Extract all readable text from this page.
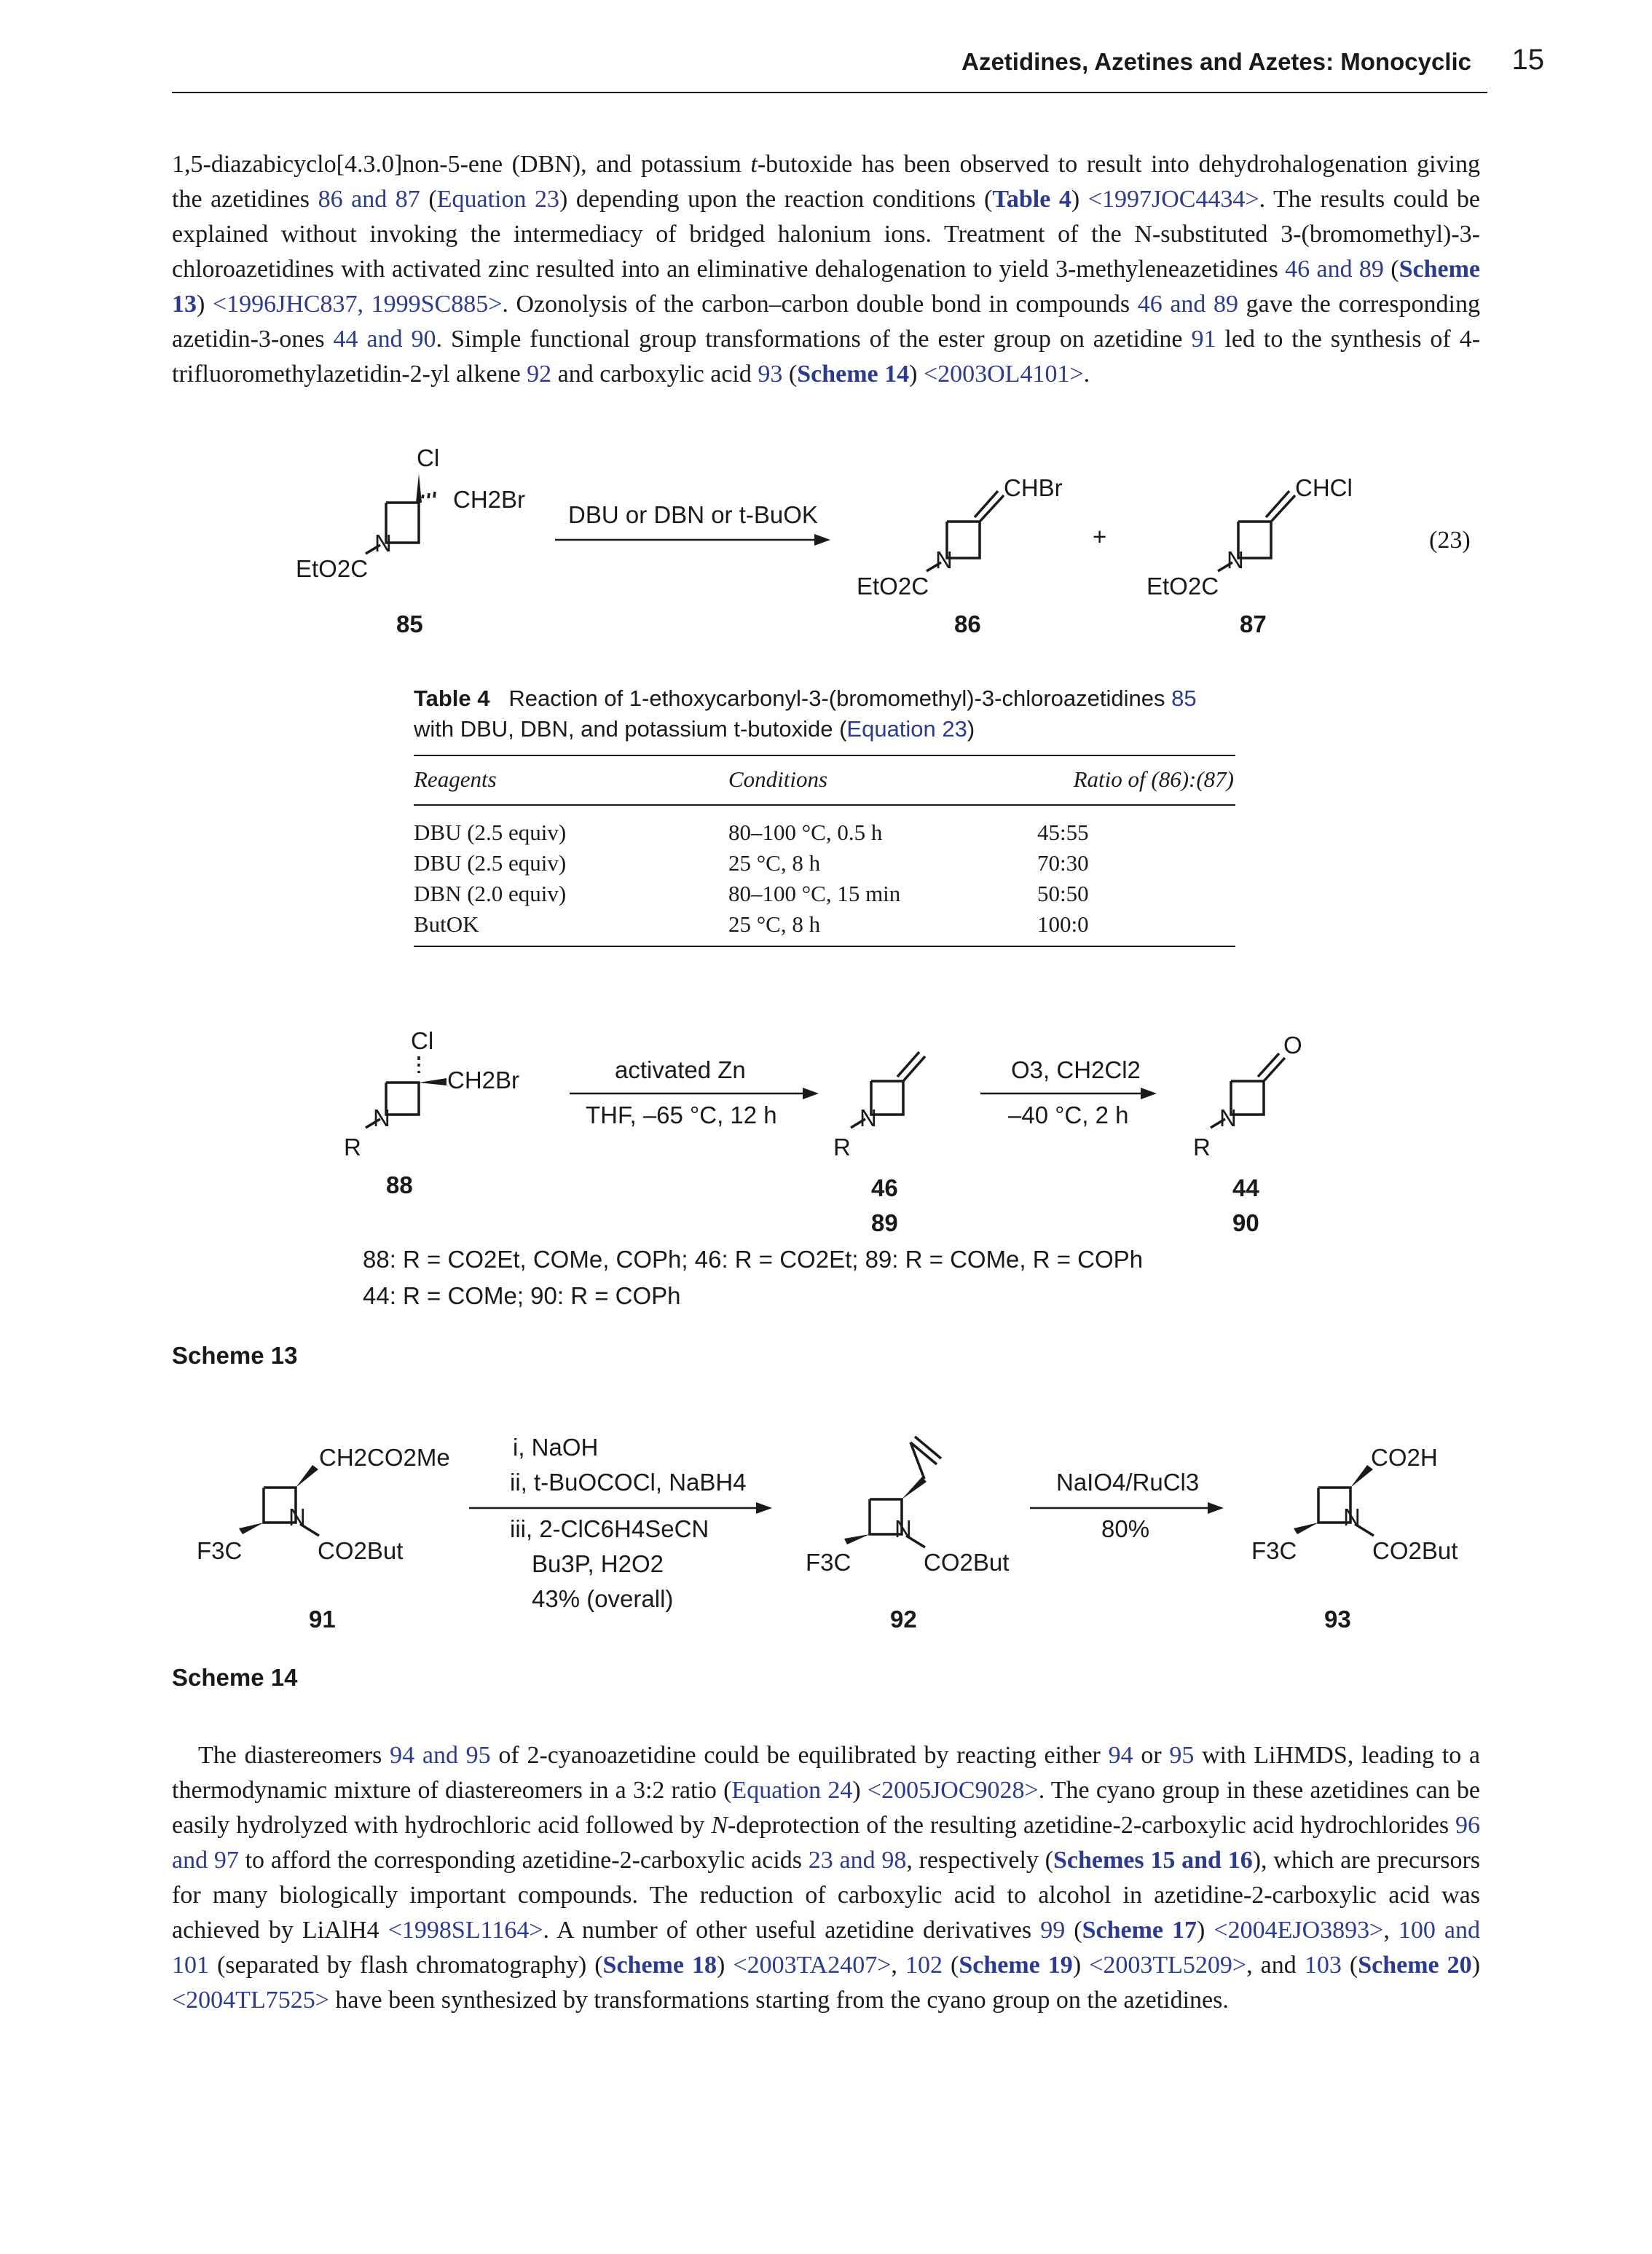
Azetidines, Azetines and Azetes: Monocyclic 15
1,5-diazabicyclo[4.3.0]non-5-ene (DBN), and potassium t-butoxide has been observed to result into dehydrohalogenation giving the azetidines 86 and 87 (Equation 23) depending upon the reaction conditions (Table 4) <1997JOC4434>. The results could be explained without invoking the intermediacy of bridged halonium ions. Treatment of the N-substituted 3-(bromomethyl)-3-chloroazetidines with activated zinc resulted into an eliminative dehalogenation to yield 3-methyleneazetidines 46 and 89 (Scheme 13) <1996JHC837, 1999SC885>. Ozonolysis of the carbon–carbon double bond in compounds 46 and 89 gave the corresponding azetidin-3-ones 44 and 90. Simple functional group transformations of the ester group on azetidine 91 led to the synthesis of 4-trifluoromethylazetidin-2-yl alkene 92 and carboxylic acid 93 (Scheme 14) <2003OL4101>.
Cl
CH2Br
N
EtO2C
85
DBU or DBN or t-BuOK
CHBr
N
EtO2C
86
+
CHCl
N
EtO2C
87
(23)
Table 4 Reaction of 1-ethoxycarbonyl-3-(bromomethyl)-3-chloroazetidines 85 with DBU, DBN, and potassium t-butoxide (Equation 23)
Reagents	Conditions	Ratio of (86):(87)
DBU (2.5 equiv)	80–100 °C, 0.5 h	45:55
DBU (2.5 equiv)	25 °C, 8 h	70:30
DBN (2.0 equiv)	80–100 °C, 15 min	50:50
ButOK	25 °C, 8 h	100:0
Cl
CH2Br
N
R
88
activated Zn
THF, –65 °C, 12 h	N
R
46
89
O3, CH2Cl2
–40 °C, 2 h
O
N
R
44
90
88: R = CO2Et, COMe, COPh; 46: R = CO2Et; 89: R = COMe, R = COPh
44: R = COMe; 90: R = COPh
Scheme 13
CH2CO2Me
N
F3C	CO2But
91
i, NaOH
ii, t-BuOCOCl, NaBH4
iii, 2-ClC6H4SeCN
Bu3P, H2O2
43% (overall)
N
F3C	CO2But
92
NaIO4/RuCl3
80%
CO2H
N
F3C	CO2But
93
Scheme 14
The diastereomers 94 and 95 of 2-cyanoazetidine could be equilibrated by reacting either 94 or 95 with LiHMDS, leading to a thermodynamic mixture of diastereomers in a 3:2 ratio (Equation 24) <2005JOC9028>. The cyano group in these azetidines can be easily hydrolyzed with hydrochloric acid followed by N-deprotection of the resulting azetidine-2-carboxylic acid hydrochlorides 96 and 97 to afford the corresponding azetidine-2-carboxylic acids 23 and 98, respectively (Schemes 15 and 16), which are precursors for many biologically important compounds. The reduction of carboxylic acid to alcohol in azetidine-2-carboxylic acid was achieved by LiAlH4 <1998SL1164>. A number of other useful azetidine derivatives 99 (Scheme 17) <2004EJO3893>, 100 and 101 (separated by flash chromatography) (Scheme 18) <2003TA2407>, 102 (Scheme 19) <2003TL5209>, and 103 (Scheme 20) <2004TL7525> have been synthesized by transformations starting from the cyano group on the azetidines.
